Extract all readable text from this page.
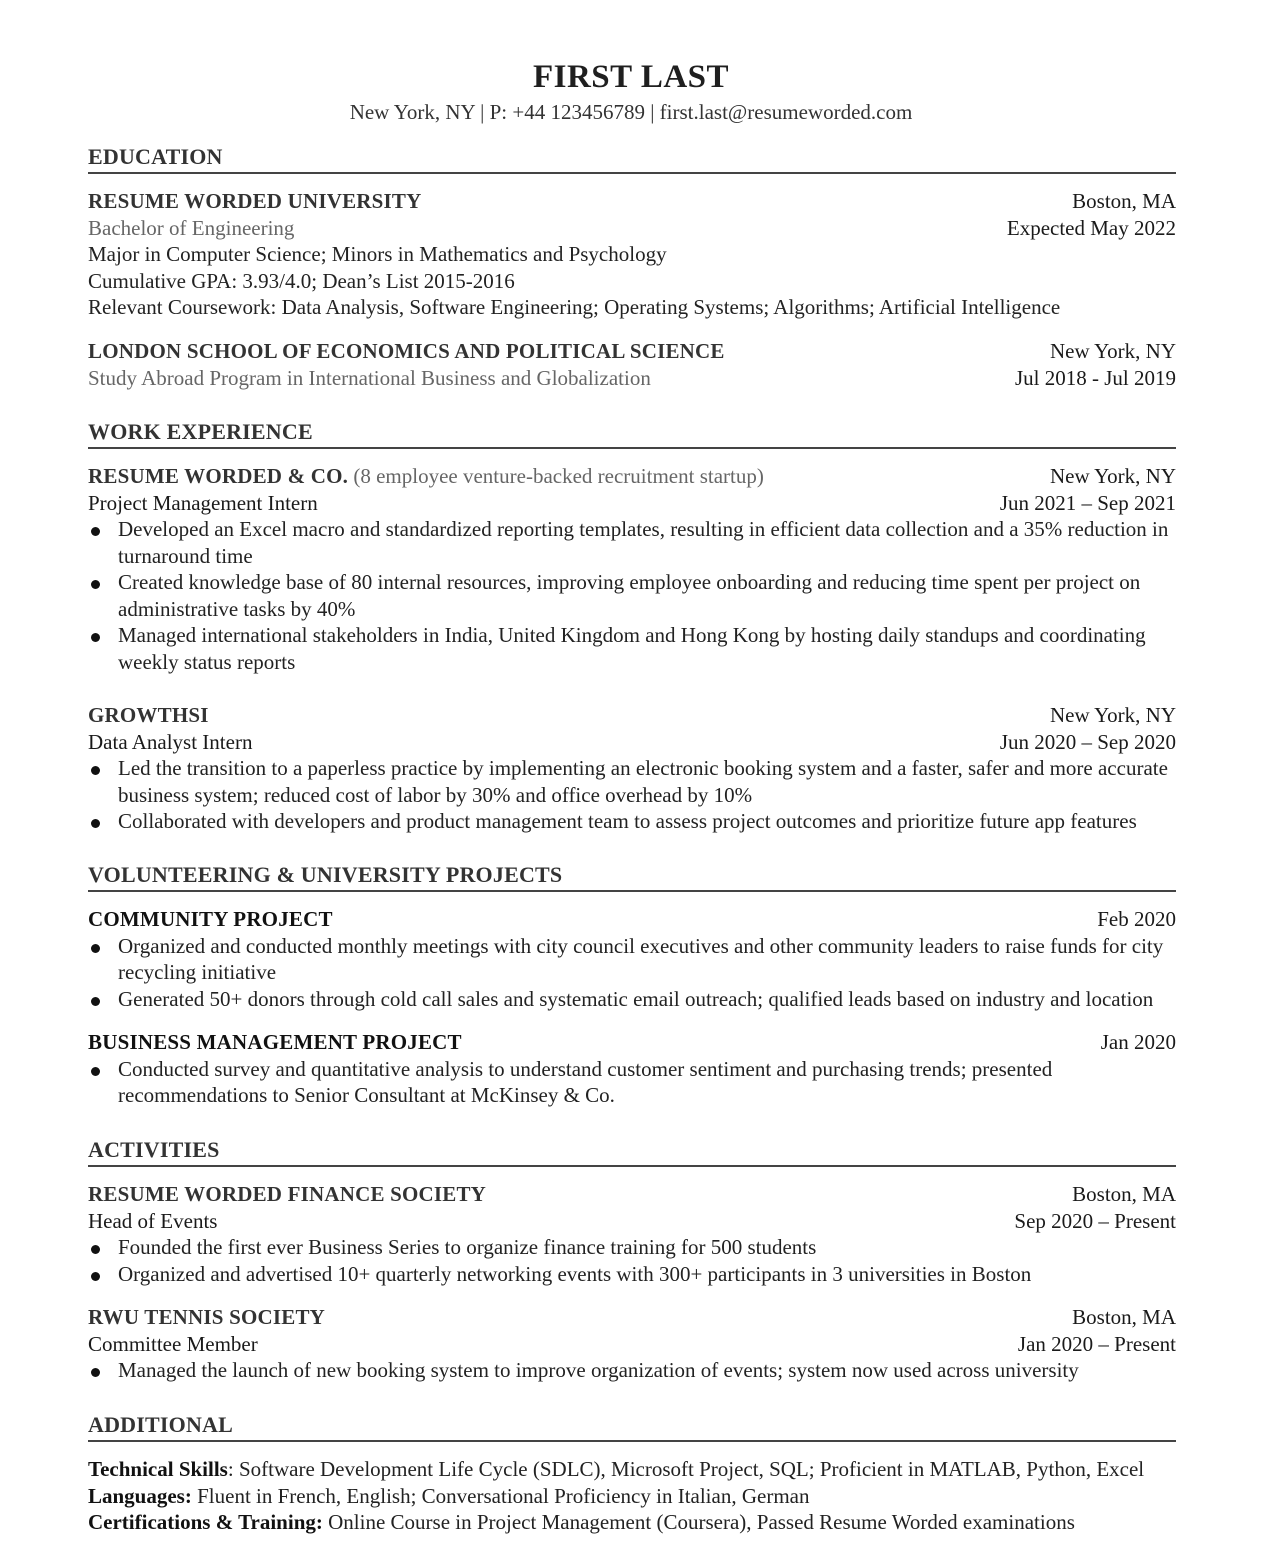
FIRST LAST
New York, NY | P: +44 123456789 | first.last@resumeworded.com
EDUCATION
RESUME WORDED UNIVERSITY	Boston, MA
Bachelor of Engineering	Expected May 2022
Major in Computer Science; Minors in Mathematics and Psychology
Cumulative GPA: 3.93/4.0; Dean’s List 2015-2016
Relevant Coursework: Data Analysis, Software Engineering; Operating Systems; Algorithms; Artificial Intelligence
LONDON SCHOOL OF ECONOMICS AND POLITICAL SCIENCE	New York, NY
Study Abroad Program in International Business and Globalization	Jul 2018 - Jul 2019
WORK EXPERIENCE
RESUME WORDED & CO. (8 employee venture-backed recruitment startup)	New York, NY
Project Management Intern	Jun 2021 – Sep 2021
Developed an Excel macro and standardized reporting templates, resulting in efficient data collection and a 35% reduction in turnaround time
Created knowledge base of 80 internal resources, improving employee onboarding and reducing time spent per project on administrative tasks by 40%
Managed international stakeholders in India, United Kingdom and Hong Kong by hosting daily standups and coordinating weekly status reports
GROWTHSI	New York, NY
Data Analyst Intern	Jun 2020 – Sep 2020
Led the transition to a paperless practice by implementing an electronic booking system and a faster, safer and more accurate business system; reduced cost of labor by 30% and office overhead by 10%
Collaborated with developers and product management team to assess project outcomes and prioritize future app features
VOLUNTEERING & UNIVERSITY PROJECTS
COMMUNITY PROJECT	Feb 2020
Organized and conducted monthly meetings with city council executives and other community leaders to raise funds for city recycling initiative
Generated 50+ donors through cold call sales and systematic email outreach; qualified leads based on industry and location
BUSINESS MANAGEMENT PROJECT	Jan 2020
Conducted survey and quantitative analysis to understand customer sentiment and purchasing trends; presented recommendations to Senior Consultant at McKinsey & Co.
ACTIVITIES
RESUME WORDED FINANCE SOCIETY	Boston, MA
Head of Events	Sep 2020 – Present
Founded the first ever Business Series to organize finance training for 500 students
Organized and advertised 10+ quarterly networking events with 300+ participants in 3 universities in Boston
RWU TENNIS SOCIETY	Boston, MA
Committee Member	Jan 2020 – Present
Managed the launch of new booking system to improve organization of events; system now used across university
ADDITIONAL
Technical Skills: Software Development Life Cycle (SDLC), Microsoft Project, SQL; Proficient in MATLAB, Python, Excel
Languages: Fluent in French, English; Conversational Proficiency in Italian, German
Certifications & Training: Online Course in Project Management (Coursera), Passed Resume Worded examinations
